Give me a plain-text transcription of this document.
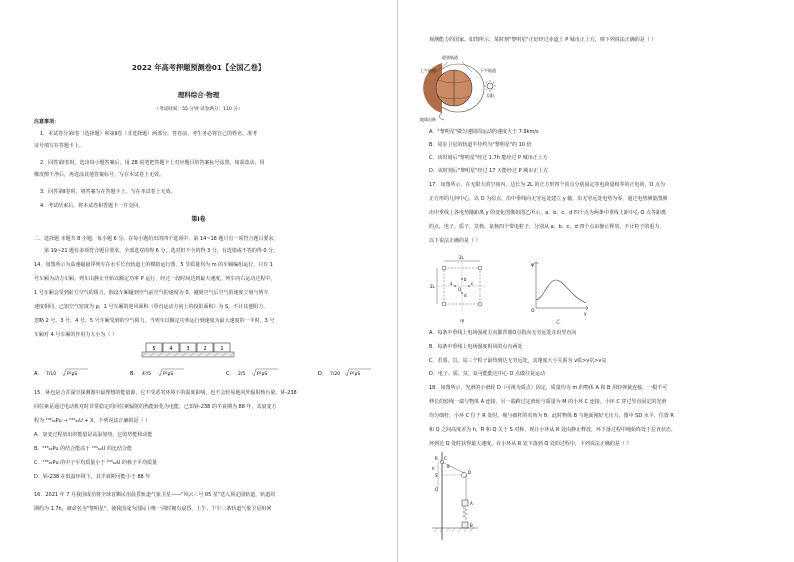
2022 年高考押题预测卷01【全国乙卷】
理科综合·物理
（考试时间：55 分钟 试卷满分：110 分）
注意事项：
1．本试卷分第Ⅰ卷（选择题）和第Ⅱ卷（非选择题）两部分。答卷前，考生务必将自己的姓名、准考
证号填写在答题卡上。
2．回答第Ⅰ卷时，选出每小题答案后，用 2B 铅笔把答题卡上对应题目的答案标号涂黑。如需改动，用
橡皮擦干净后，再选涂其他答案标号。写在本试卷上无效。
3．回答第Ⅱ卷时，将答案写在答题卡上。写在本试卷上无效。
4．考试结束后，将本试卷和答题卡一并交回。
第Ⅰ卷
二、选择题 本题共 8 小题，每小题 6 分。在每小题给出的四个选项中，第 14~18 题只有一项符合题目要求，
第 19~21 题有多项符合题目要求。全部选对的得 6 分，选对但不全的得 3 分，有选错或不答的得 0 分。
14．如图所示为高速磁悬浮列车在水平长直轨道上的模拟运行图，5 节质量均为 m 的车厢编组运行，只有 1
号车厢为动力车厢。列车由静止开始以额定功率 P 运行，经过一段时间达到最大速度。列车向右运动过程中，
1 号车厢会受到前方空气的阻力，假设车厢碰到空气前空气的速度为 0，碰到空气后空气的速度立刻与列车
速度相同，已知空气密度为 ρ，1 号车厢的迎风面积（垂直运动方向上的投影面积）为 S。不计其他阻力，
忽略 2 号、3 号、4 号、5 号车厢受到的空气阻力。当列车以额定功率运行到速度为最大速度的一半时，3 号
车厢对 4 号车厢的作用力大小为（ ）
5	4	3	2	1
A． 7/10 P²ρS	B． 4³/5	P²ρS	C． 2/5	P²ρS	D． 7/20 P²ρS
15．钚也是合并深空探测器中最理想的能量源，它不受恶劣环境下的温度影响，也不会轻易地向外辐射核污染。钚-238
同位素是通过电动机对时非常稳定的同位素辐射的热能转化为电能，已知钚-238 的半衰期为 88 年，其衰变方
程为 ²³⁸₉₄Pu → ²³⁴₉₂U + X，下列说法正确的是（ ）
A．衰变过程放出的能量是高温加热，它的势能和动能
B．²³⁸₉₄Pu 的结合能高于 ²³⁴₉₂U 的比结合能
C．²³⁸₉₄Pu 的中子平均质量小于 ²³⁴₉₂U 的核子平均质量
D．钚-238 在低温环境下，其半衰期可能小于 88 年
16．2021 年 7 月我国成功将全球首颗民用晨昏轨道气象卫星——"风云三号 05 星"送入预定圆轨道，轨道周
期约为 1.7h，被命名为"黎明星"，使我国成为国际上唯一同时拥有晨昏、上午、下午三条轨道气象卫星组网
观测能力的国家。如图所示，某时刻"黎明星"正好经过赤道上 P 城市正上方，则下列说法正确的是（ ）
晨昏轨道
上午轨道	下午轨道
太阳
地球自转
A．"黎明星"做匀速圆周运动的速度大于 7.9km/s
B．同步卫星的轨道半径约为"黎明星"的 10 倍
C．该时刻后"黎明星"经过 1.7h 能经过 P 城市正上方
D．该时刻后"黎明星"经过 17 天能经过 P 城市正上方
17．如图所示，在无限大的空间内，边长为 2L 的正方形四个顶点分别固定等电荷量相等的正电荷，O 点为
正方形的几何中心，以 O 为原点，沿中垂线向无穷远处建立 y 轴，沿无穷远处电势为零，通过电势测量图测
出中垂线上各电势随距离 y 的变化图像如图乙所示。a、b、c、d 四个点为两条中垂线上距中心 O 点等距离
的点，电子、质子、氘核、氚核四个带电粒子，分别从 a、b、c、d 四个点由静止释放，不计粒子的重力，
以下说法正确的是（ ）
2L
2L
b
a	c
d
O
甲
φ
O
y
乙
A．每条中垂线上电场强度方向都背离O点指向无穷远处并沿竖直向
B．每条中垂线上电场强度相同的点有两处
C．若质、氘、氚三个粒子最终到达无穷远处，其速度大小关系为 v质>v氘>v氚
D．电子、质、氘、氚可能能达中心 O 点做往复运动
18．如图所示，光滑的小滑轮 D（可视为质点）固定，质量均为 m 的物体 A 和 B 用轻弹簧连接，一根不可
伸长的轻绳一端与物体 A 连接，另一端跨过定滑轮与质量为 M 的小环 C 连接。小环 C 穿过竖直固定的光滑
均匀细杆，小环 C 位于 R 处时，绳与细杆的夹角为 θ，此时物体 B 与地面刚好无压力。图中 SD 水平，位置 R
和 Q 之间高度差为 h，R 和 Q 关于 S 对称，现让小环从 R 处由静止释放，环下落过程中绳始终处于拉直状态，
环到达 Q 处时获得最大速度。在小环从 R 处下落到 Q 处的过程中，下列说法正确的是（ ）
R C
S
D
Q
A
B
θ
h
